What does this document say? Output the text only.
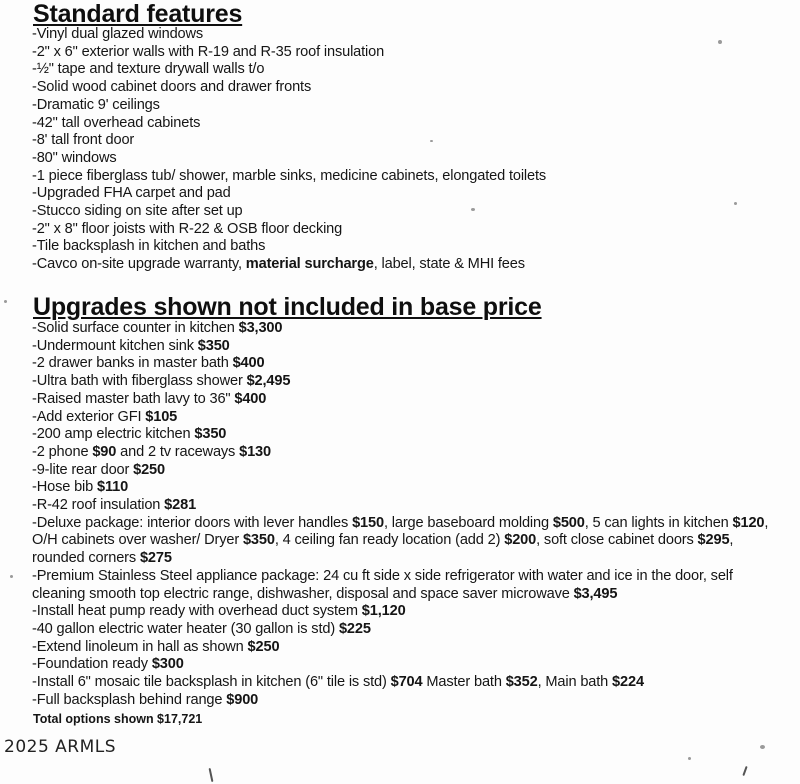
Standard features
-Vinyl dual glazed windows
-2" x 6" exterior walls with R-19 and R-35 roof insulation
-½" tape and texture drywall walls t/o
-Solid wood cabinet doors and drawer fronts
-Dramatic 9' ceilings
-42" tall overhead cabinets
-8' tall front door
-80" windows
-1 piece fiberglass tub/ shower, marble sinks, medicine cabinets, elongated toilets
-Upgraded FHA carpet and pad
-Stucco siding on site after set up
-2" x 8" floor joists with R-22 & OSB floor decking
-Tile backsplash in kitchen and baths
-Cavco on-site upgrade warranty, material surcharge, label, state & MHI fees
Upgrades shown not included in base price
-Solid surface counter in kitchen $3,300
-Undermount kitchen sink $350
-2 drawer banks in master bath $400
-Ultra bath with fiberglass shower $2,495
-Raised master bath lavy to 36" $400
-Add exterior GFI $105
-200 amp electric kitchen $350
-2 phone $90 and 2 tv raceways $130
-9-lite rear door $250
-Hose bib $110
-R-42 roof insulation $281
-Deluxe package: interior doors with lever handles $150, large baseboard molding $500, 5 can lights in kitchen $120, O/H cabinets over washer/ Dryer $350, 4 ceiling fan ready location (add 2) $200, soft close cabinet doors $295, rounded corners $275
-Premium Stainless Steel appliance package: 24 cu ft side x side refrigerator with water and ice in the door, self cleaning smooth top electric range, dishwasher, disposal and space saver microwave $3,495
-Install heat pump ready with overhead duct system $1,120
-40 gallon electric water heater (30 gallon is std) $225
-Extend linoleum in hall as shown $250
-Foundation ready $300
-Install 6" mosaic tile backsplash in kitchen (6" tile is std) $704 Master bath $352, Main bath $224
-Full backsplash behind range $900
Total options shown $17,721
2025 ARMLS
